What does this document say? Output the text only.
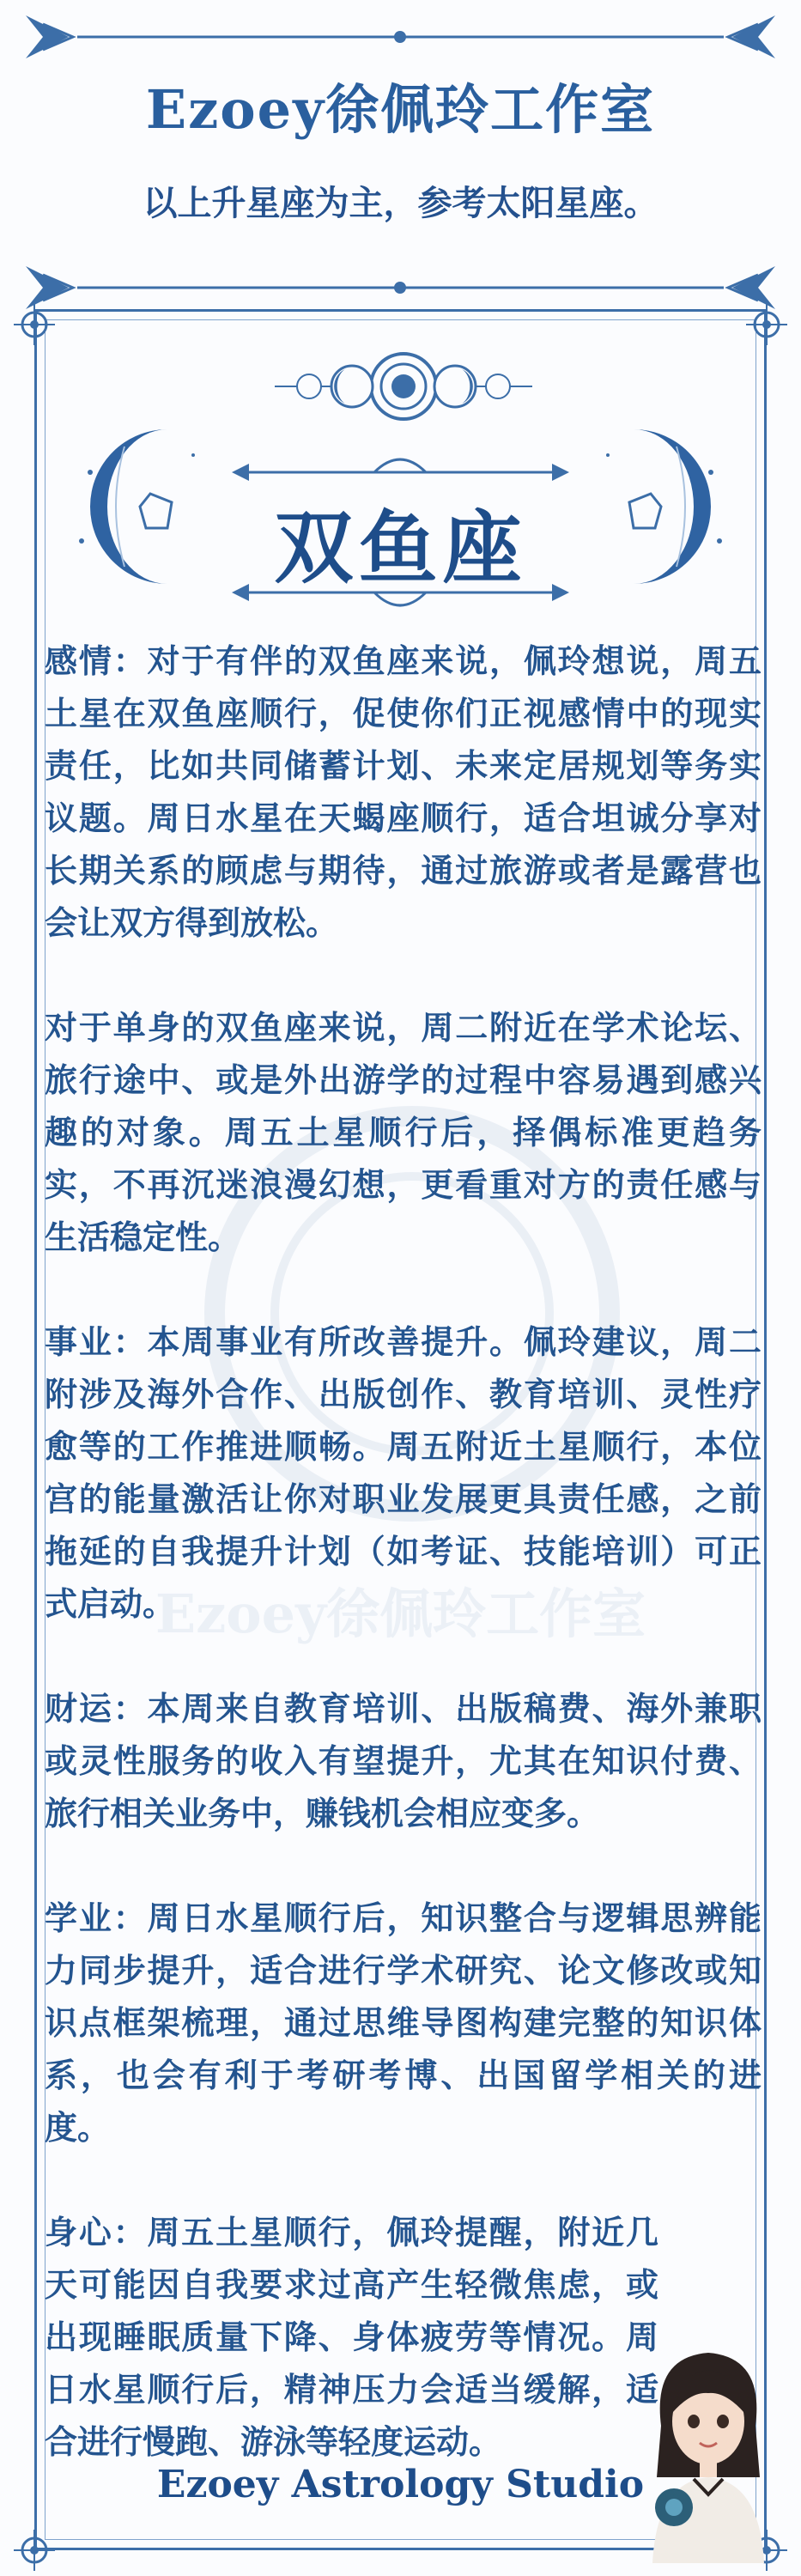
Ezoey徐佩玲工作室
以上升星座为主，参考太阳星座。
双鱼座
Ezoey徐佩玲工作室

感情：对于有伴的双鱼座来说，佩玲想说，周五土星在双鱼座顺行，促使你们正视感情中的现实责任，比如共同储蓄计划、未来定居规划等务实议题。周日水星在天蝎座顺行，适合坦诚分享对长期关系的顾虑与期待，通过旅游或者是露营也会让双方得到放松。

对于单身的双鱼座来说，周二附近在学术论坛、旅行途中、或是外出游学的过程中容易遇到感兴趣的对象。周五土星顺行后，择偶标准更趋务实，不再沉迷浪漫幻想，更看重对方的责任感与生活稳定性。

事业：本周事业有所改善提升。佩玲建议，周二附涉及海外合作、出版创作、教育培训、灵性疗愈等的工作推进顺畅。周五附近土星顺行，本位宫的能量激活让你对职业发展更具责任感，之前拖延的自我提升计划（如考证、技能培训）可正式启动。

财运：本周来自教育培训、出版稿费、海外兼职或灵性服务的收入有望提升，尤其在知识付费、旅行相关业务中，赚钱机会相应变多。

学业：周日水星顺行后，知识整合与逻辑思辨能力同步提升，适合进行学术研究、论文修改或知识点框架梳理，通过思维导图构建完整的知识体系，也会有利于考研考博、出国留学相关的进度。

身心：周五土星顺行，佩玲提醒，附近几天可能因自我要求过高产生轻微焦虑，或出现睡眠质量下降、身体疲劳等情况。周日水星顺行后，精神压力会适当缓解，适合进行慢跑、游泳等轻度运动。

Ezoey Astrology Studio
